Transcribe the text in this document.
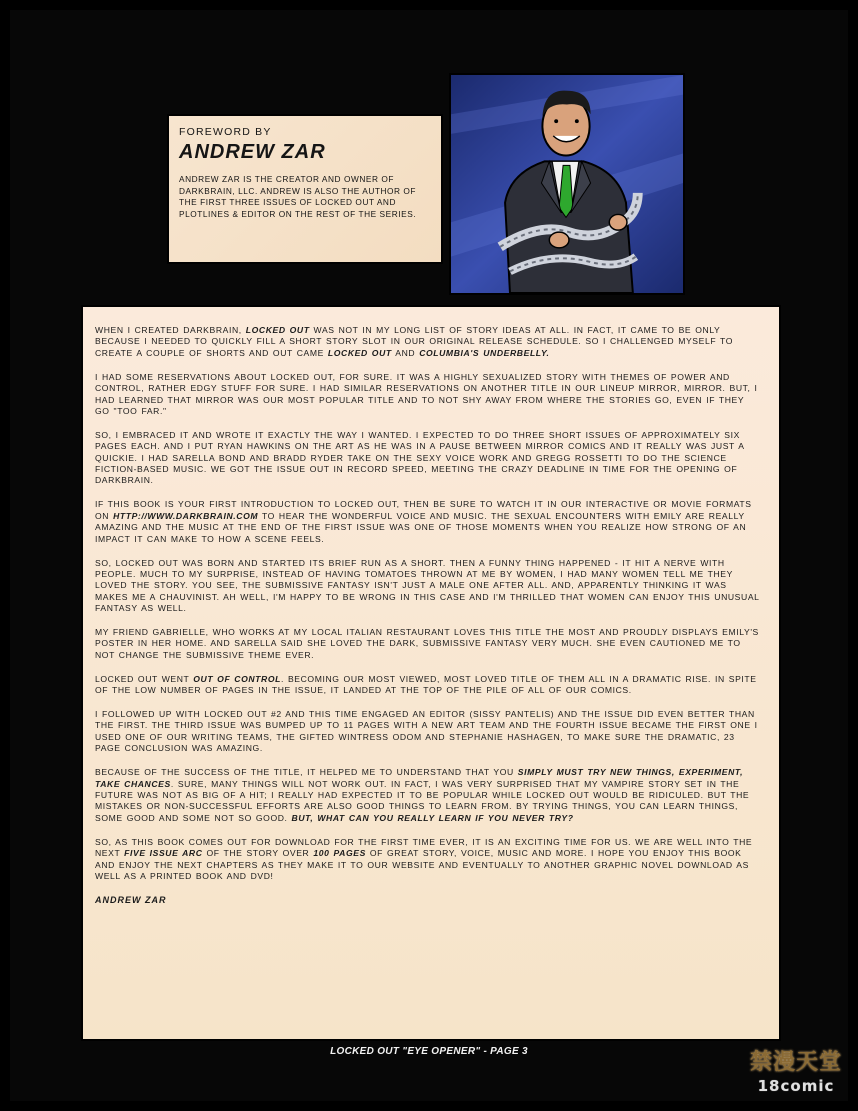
FOREWORD BY
ANDREW ZAR

ANDREW ZAR IS THE CREATOR AND OWNER OF DARKBRAIN, LLC. ANDREW IS ALSO THE AUTHOR OF THE FIRST THREE ISSUES OF LOCKED OUT AND PLOTLINES & EDITOR ON THE REST OF THE SERIES.

WHEN I CREATED DARKBRAIN, LOCKED OUT WAS NOT IN MY LONG LIST OF STORY IDEAS AT ALL. IN FACT, IT CAME TO BE ONLY BECAUSE I NEEDED TO QUICKLY FILL A SHORT STORY SLOT IN OUR ORIGINAL RELEASE SCHEDULE. SO I CHALLENGED MYSELF TO CREATE A COUPLE OF SHORTS AND OUT CAME LOCKED OUT AND COLUMBIA'S UNDERBELLY.

I HAD SOME RESERVATIONS ABOUT LOCKED OUT, FOR SURE. IT WAS A HIGHLY SEXUALIZED STORY WITH THEMES OF POWER AND CONTROL, RATHER EDGY STUFF FOR SURE. I HAD SIMILAR RESERVATIONS ON ANOTHER TITLE IN OUR LINEUP MIRROR, MIRROR. BUT, I HAD LEARNED THAT MIRROR WAS OUR MOST POPULAR TITLE AND TO NOT SHY AWAY FROM WHERE THE STORIES GO, EVEN IF THEY GO "TOO FAR."

SO, I EMBRACED IT AND WROTE IT EXACTLY THE WAY I WANTED. I EXPECTED TO DO THREE SHORT ISSUES OF APPROXIMATELY SIX PAGES EACH. AND I PUT RYAN HAWKINS ON THE ART AS HE WAS IN A PAUSE BETWEEN MIRROR COMICS AND IT REALLY WAS JUST A QUICKIE. I HAD SARELLA BOND AND BRADD RYDER TAKE ON THE SEXY VOICE WORK AND GREGG ROSSETTI TO DO THE SCIENCE FICTION-BASED MUSIC. WE GOT THE ISSUE OUT IN RECORD SPEED, MEETING THE CRAZY DEADLINE IN TIME FOR THE OPENING OF DARKBRAIN.

IF THIS BOOK IS YOUR FIRST INTRODUCTION TO LOCKED OUT, THEN BE SURE TO WATCH IT IN OUR INTERACTIVE OR MOVIE FORMATS ON HTTP://WWW.DARKBRAIN.COM TO HEAR THE WONDERFUL VOICE AND MUSIC. THE SEXUAL ENCOUNTERS WITH EMILY ARE REALLY AMAZING AND THE MUSIC AT THE END OF THE FIRST ISSUE WAS ONE OF THOSE MOMENTS WHEN YOU REALIZE HOW STRONG OF AN IMPACT IT CAN MAKE TO HOW A SCENE FEELS.

SO, LOCKED OUT WAS BORN AND STARTED ITS BRIEF RUN AS A SHORT. THEN A FUNNY THING HAPPENED - IT HIT A NERVE WITH PEOPLE. MUCH TO MY SURPRISE, INSTEAD OF HAVING TOMATOES THROWN AT ME BY WOMEN, I HAD MANY WOMEN TELL ME THEY LOVED THE STORY. YOU SEE, THE SUBMISSIVE FANTASY ISN'T JUST A MALE ONE AFTER ALL. AND, APPARENTLY THINKING IT WAS MAKES ME A CHAUVINIST. AH WELL, I'M HAPPY TO BE WRONG IN THIS CASE AND I'M THRILLED THAT WOMEN CAN ENJOY THIS UNUSUAL FANTASY AS WELL.

MY FRIEND GABRIELLE, WHO WORKS AT MY LOCAL ITALIAN RESTAURANT LOVES THIS TITLE THE MOST AND PROUDLY DISPLAYS EMILY'S POSTER IN HER HOME. AND SARELLA SAID SHE LOVED THE DARK, SUBMISSIVE FANTASY VERY MUCH. SHE EVEN CAUTIONED ME TO NOT CHANGE THE SUBMISSIVE THEME EVER.

LOCKED OUT WENT OUT OF CONTROL. BECOMING OUR MOST VIEWED, MOST LOVED TITLE OF THEM ALL IN A DRAMATIC RISE. IN SPITE OF THE LOW NUMBER OF PAGES IN THE ISSUE, IT LANDED AT THE TOP OF THE PILE OF ALL OF OUR COMICS.

I FOLLOWED UP WITH LOCKED OUT #2 AND THIS TIME ENGAGED AN EDITOR (SISSY PANTELIS) AND THE ISSUE DID EVEN BETTER THAN THE FIRST. THE THIRD ISSUE WAS BUMPED UP TO 11 PAGES WITH A NEW ART TEAM AND THE FOURTH ISSUE BECAME THE FIRST ONE I USED ONE OF OUR WRITING TEAMS, THE GIFTED WINTRESS ODOM AND STEPHANIE HASHAGEN, TO MAKE SURE THE DRAMATIC, 23 PAGE CONCLUSION WAS AMAZING.

BECAUSE OF THE SUCCESS OF THE TITLE, IT HELPED ME TO UNDERSTAND THAT YOU SIMPLY MUST TRY NEW THINGS, EXPERIMENT, TAKE CHANCES. SURE, MANY THINGS WILL NOT WORK OUT. IN FACT, I WAS VERY SURPRISED THAT MY VAMPIRE STORY SET IN THE FUTURE WAS NOT AS BIG OF A HIT; I REALLY HAD EXPECTED IT TO BE POPULAR WHILE LOCKED OUT WOULD BE RIDICULED. BUT THE MISTAKES OR NON-SUCCESSFUL EFFORTS ARE ALSO GOOD THINGS TO LEARN FROM. BY TRYING THINGS, YOU CAN LEARN THINGS, SOME GOOD AND SOME NOT SO GOOD. BUT, WHAT CAN YOU REALLY LEARN IF YOU NEVER TRY?

SO, AS THIS BOOK COMES OUT FOR DOWNLOAD FOR THE FIRST TIME EVER, IT IS AN EXCITING TIME FOR US. WE ARE WELL INTO THE NEXT FIVE ISSUE ARC OF THE STORY OVER 100 PAGES OF GREAT STORY, VOICE, MUSIC AND MORE. I HOPE YOU ENJOY THIS BOOK AND ENJOY THE NEXT CHAPTERS AS THEY MAKE IT TO OUR WEBSITE AND EVENTUALLY TO ANOTHER GRAPHIC NOVEL DOWNLOAD AS WELL AS A PRINTED BOOK AND DVD!

ANDREW ZAR
LOCKED OUT "EYE OPENER" - PAGE 3	禁漫天堂
18comic
